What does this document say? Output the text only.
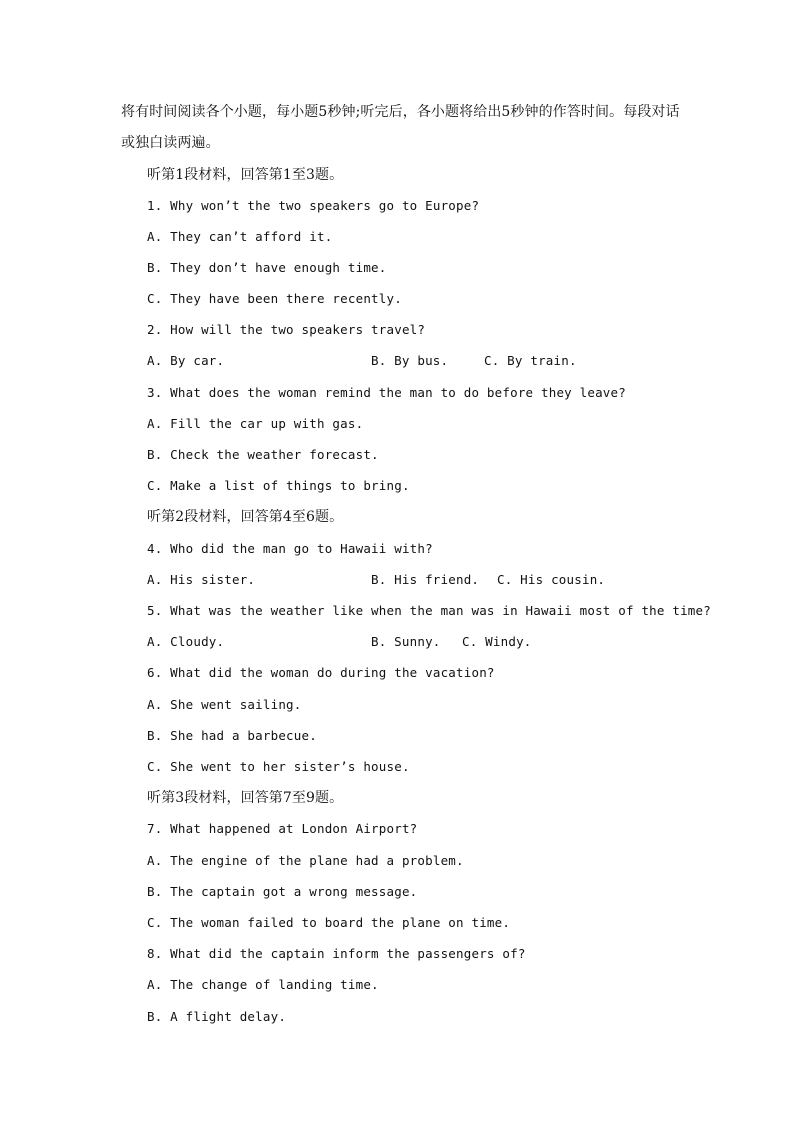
将有时间阅读各个小题，每小题5秒钟;听完后，各小题将给出5秒钟的作答时间。每段对话或独白读两遍。
听第1段材料，回答第1至3题。
1. Why won’t the two speakers go to Europe?
A. They can’t afford it.
B. They don’t have enough time.
C. They have been there recently.
2. How will the two speakers travel?
A. By car.	B. By bus.	C. By train.
3. What does the woman remind the man to do before they leave?
A. Fill the car up with gas.
B. Check the weather forecast.
C. Make a list of things to bring.
听第2段材料，回答第4至6题。
4. Who did the man go to Hawaii with?
A. His sister.	B. His friend. C. His cousin.
5. What was the weather like when the man was in Hawaii most of the time?
A. Cloudy.	B. Sunny. C. Windy.
6. What did the woman do during the vacation?
A. She went sailing.
B. She had a barbecue.
C. She went to her sister’s house.
听第3段材料，回答第7至9题。
7. What happened at London Airport?
A. The engine of the plane had a problem.
B. The captain got a wrong message.
C. The woman failed to board the plane on time.
8. What did the captain inform the passengers of?
A. The change of landing time.
B. A flight delay.
